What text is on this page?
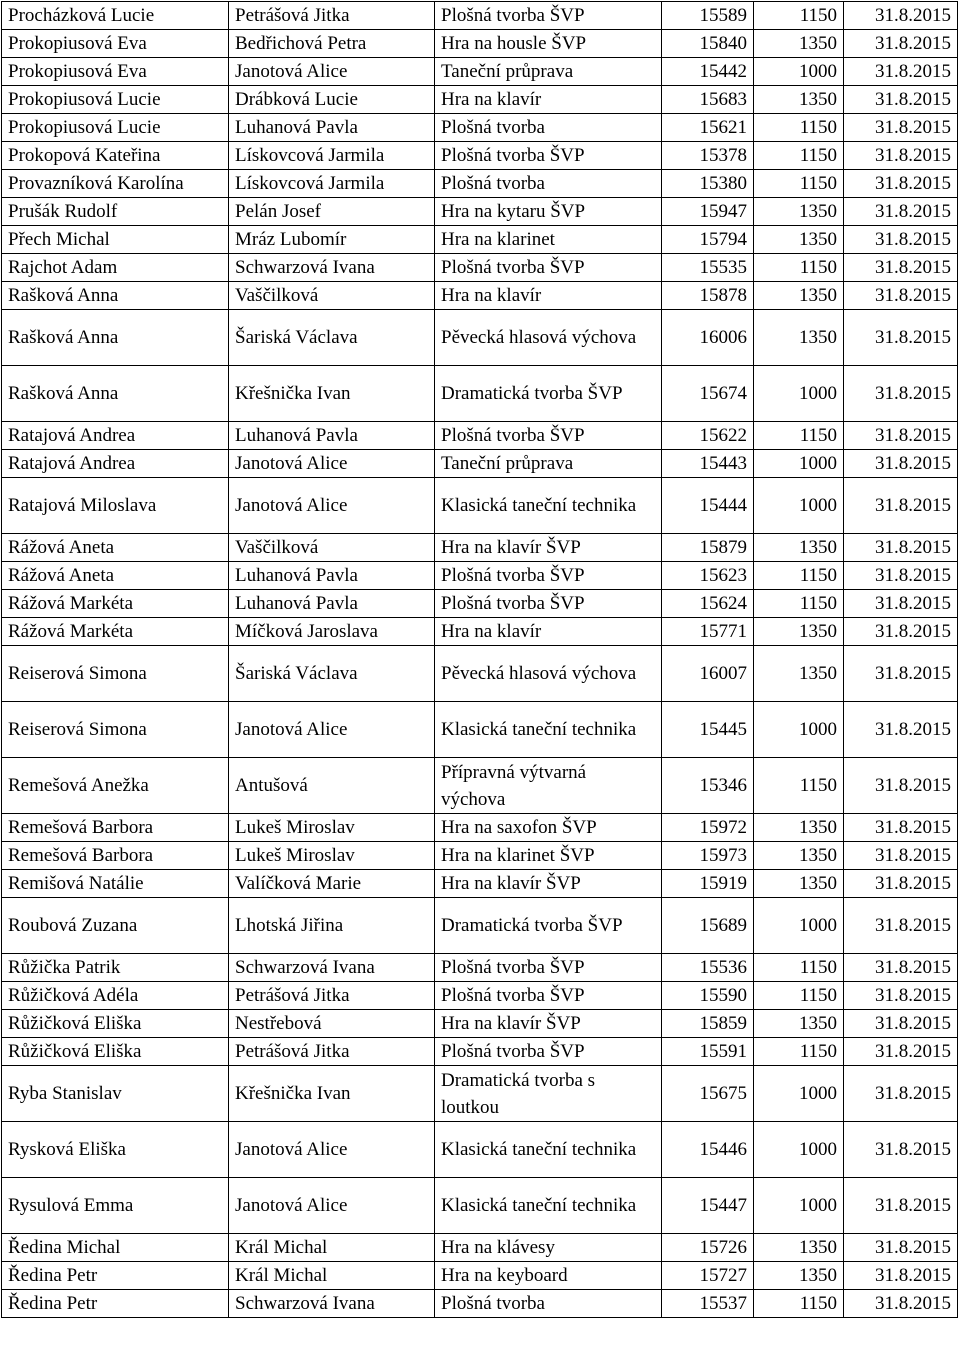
Procházková Lucie	Petrášová Jitka	Plošná tvorba ŠVP	15589	1150	31.8.2015
Prokopiusová Eva	Bedřichová Petra	Hra na housle ŠVP	15840	1350	31.8.2015
Prokopiusová Eva	Janotová Alice	Taneční průprava	15442	1000	31.8.2015
Prokopiusová Lucie	Drábková Lucie	Hra na klavír	15683	1350	31.8.2015
Prokopiusová Lucie	Luhanová Pavla	Plošná tvorba	15621	1150	31.8.2015
Prokopová Kateřina	Lískovcová Jarmila	Plošná tvorba ŠVP	15378	1150	31.8.2015
Provazníková Karolína	Lískovcová Jarmila	Plošná tvorba	15380	1150	31.8.2015
Prušák Rudolf	Pelán Josef	Hra na kytaru ŠVP	15947	1350	31.8.2015
Přech Michal	Mráz Lubomír	Hra na klarinet	15794	1350	31.8.2015
Rajchot Adam	Schwarzová Ivana	Plošná tvorba ŠVP	15535	1150	31.8.2015
Rašková Anna	Vaščilková	Hra na klavír	15878	1350	31.8.2015
Rašková Anna	Šariská Václava	Pěvecká hlasová výchova	16006	1350	31.8.2015
Rašková Anna	Křešnička Ivan	Dramatická tvorba ŠVP	15674	1000	31.8.2015
Ratajová Andrea	Luhanová Pavla	Plošná tvorba ŠVP	15622	1150	31.8.2015
Ratajová Andrea	Janotová Alice	Taneční průprava	15443	1000	31.8.2015
Ratajová Miloslava	Janotová Alice	Klasická taneční technika	15444	1000	31.8.2015
Rážová Aneta	Vaščilková	Hra na klavír ŠVP	15879	1350	31.8.2015
Rážová Aneta	Luhanová Pavla	Plošná tvorba ŠVP	15623	1150	31.8.2015
Rážová Markéta	Luhanová Pavla	Plošná tvorba ŠVP	15624	1150	31.8.2015
Rážová Markéta	Míčková Jaroslava	Hra na klavír	15771	1350	31.8.2015
Reiserová Simona	Šariská Václava	Pěvecká hlasová výchova	16007	1350	31.8.2015
Reiserová Simona	Janotová Alice	Klasická taneční technika	15445	1000	31.8.2015
Remešová Anežka	Antušová	Přípravná výtvarná výchova	15346	1150	31.8.2015
Remešová Barbora	Lukeš Miroslav	Hra na saxofon ŠVP	15972	1350	31.8.2015
Remešová Barbora	Lukeš Miroslav	Hra na klarinet ŠVP	15973	1350	31.8.2015
Remišová Natálie	Valíčková Marie	Hra na klavír ŠVP	15919	1350	31.8.2015
Roubová Zuzana	Lhotská Jiřina	Dramatická tvorba ŠVP	15689	1000	31.8.2015
Růžička Patrik	Schwarzová Ivana	Plošná tvorba ŠVP	15536	1150	31.8.2015
Růžičková Adéla	Petrášová Jitka	Plošná tvorba ŠVP	15590	1150	31.8.2015
Růžičková Eliška	Nestřebová	Hra na klavír ŠVP	15859	1350	31.8.2015
Růžičková Eliška	Petrášová Jitka	Plošná tvorba ŠVP	15591	1150	31.8.2015
Ryba Stanislav	Křešnička Ivan	Dramatická tvorba s loutkou	15675	1000	31.8.2015
Rysková Eliška	Janotová Alice	Klasická taneční technika	15446	1000	31.8.2015
Rysulová Emma	Janotová Alice	Klasická taneční technika	15447	1000	31.8.2015
Ředina Michal	Král Michal	Hra na klávesy	15726	1350	31.8.2015
Ředina Petr	Král Michal	Hra na keyboard	15727	1350	31.8.2015
Ředina Petr	Schwarzová Ivana	Plošná tvorba	15537	1150	31.8.2015
